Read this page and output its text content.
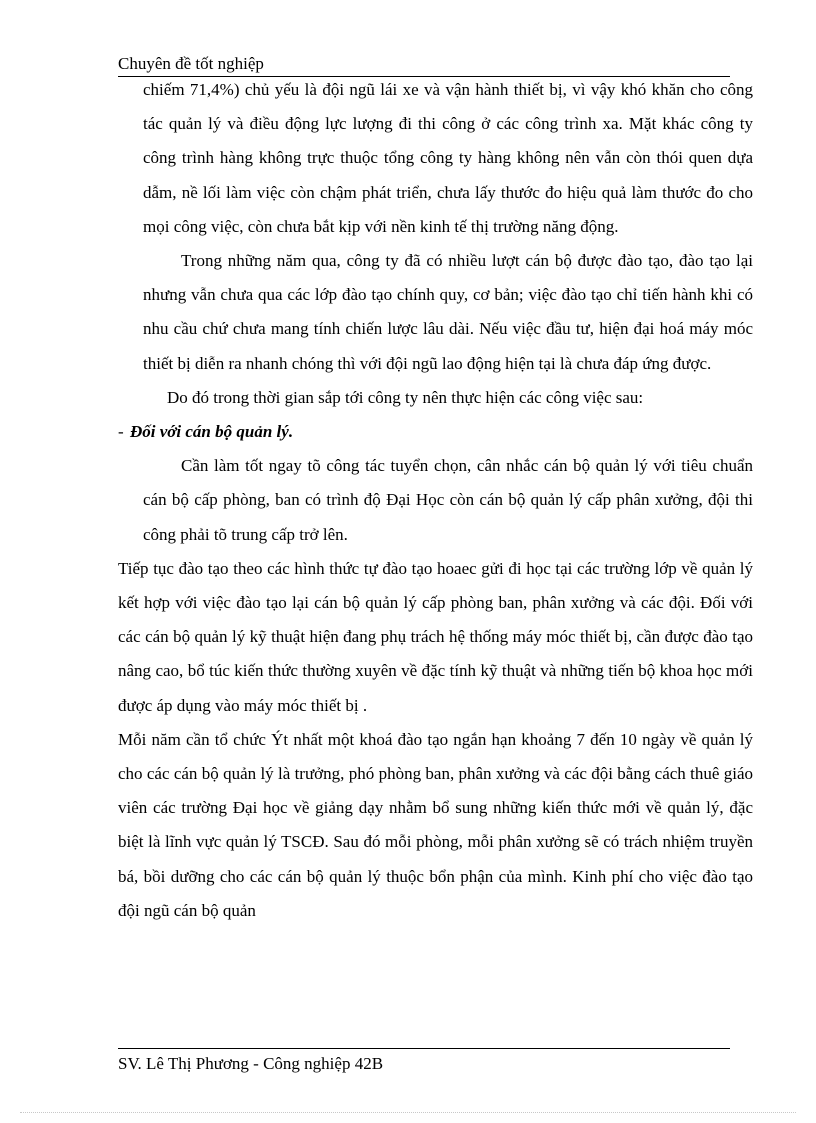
Chuyên đề tốt nghiệp

chiếm 71,4%) chủ yếu là đội ngũ lái xe và vận hành thiết bị, vì vậy khó khăn cho công tác quản lý và điều động lực lượng đi thi công ở các công trình xa. Mặt khác công ty công trình hàng không trực thuộc tổng công ty hàng không nên vẫn còn thói quen dựa dẫm, nề lối làm việc còn chậm phát triển, chưa lấy thước đo hiệu quả làm thước đo cho mọi công việc, còn chưa bắt kịp với nền kinh tế thị trường năng động.

Trong những năm qua, công ty đã có nhiều lượt cán bộ được đào tạo, đào tạo lại nhưng vẫn chưa qua các lớp đào tạo chính quy, cơ bản; việc đào tạo chỉ tiến hành khi có nhu cầu chứ chưa mang tính chiến lược lâu dài. Nếu việc đầu tư, hiện đại hoá máy móc thiết bị diễn ra nhanh chóng thì với đội ngũ lao động hiện tại là chưa đáp ứng được.

Do đó trong thời gian sắp tới công ty nên thực hiện các công việc sau:

- Đối với cán bộ quản lý.

Cần làm tốt ngay tõ công tác tuyển chọn, cân nhắc cán bộ quản lý với tiêu chuẩn cán bộ cấp phòng, ban có trình độ Đại Học còn cán bộ quản lý cấp phân xưởng, đội thi công phải tõ trung cấp trở lên.

Tiếp tục đào tạo theo các hình thức tự đào tạo hoaec gửi đi học tại các trường lớp về quản lý kết hợp với việc đào tạo lại cán bộ quản lý cấp phòng ban, phân xưởng và các đội. Đối với các cán bộ quản lý kỹ thuật hiện đang phụ trách hệ thống máy móc thiết bị, cần được đào tạo nâng cao, bổ túc kiến thức thường xuyên về đặc tính kỹ thuật và những tiến bộ khoa học mới được áp dụng vào máy móc thiết bị .

Mỗi năm cần tổ chức Ýt nhất một khoá đào tạo ngắn hạn khoảng 7 đến 10 ngày về quản lý cho các cán bộ quản lý là trưởng, phó phòng ban, phân xưởng và các đội bằng cách thuê giáo viên các trường Đại học về giảng dạy nhằm bổ sung những kiến thức mới về quản lý, đặc biệt là lĩnh vực quản lý TSCĐ. Sau đó mỗi phòng, mỗi phân xưởng sẽ có trách nhiệm truyền bá, bồi dưỡng cho các cán bộ quản lý thuộc bổn phận của mình. Kinh phí cho việc đào tạo đội ngũ cán bộ quản

SV. Lê Thị Phương - Công nghiệp 42B
